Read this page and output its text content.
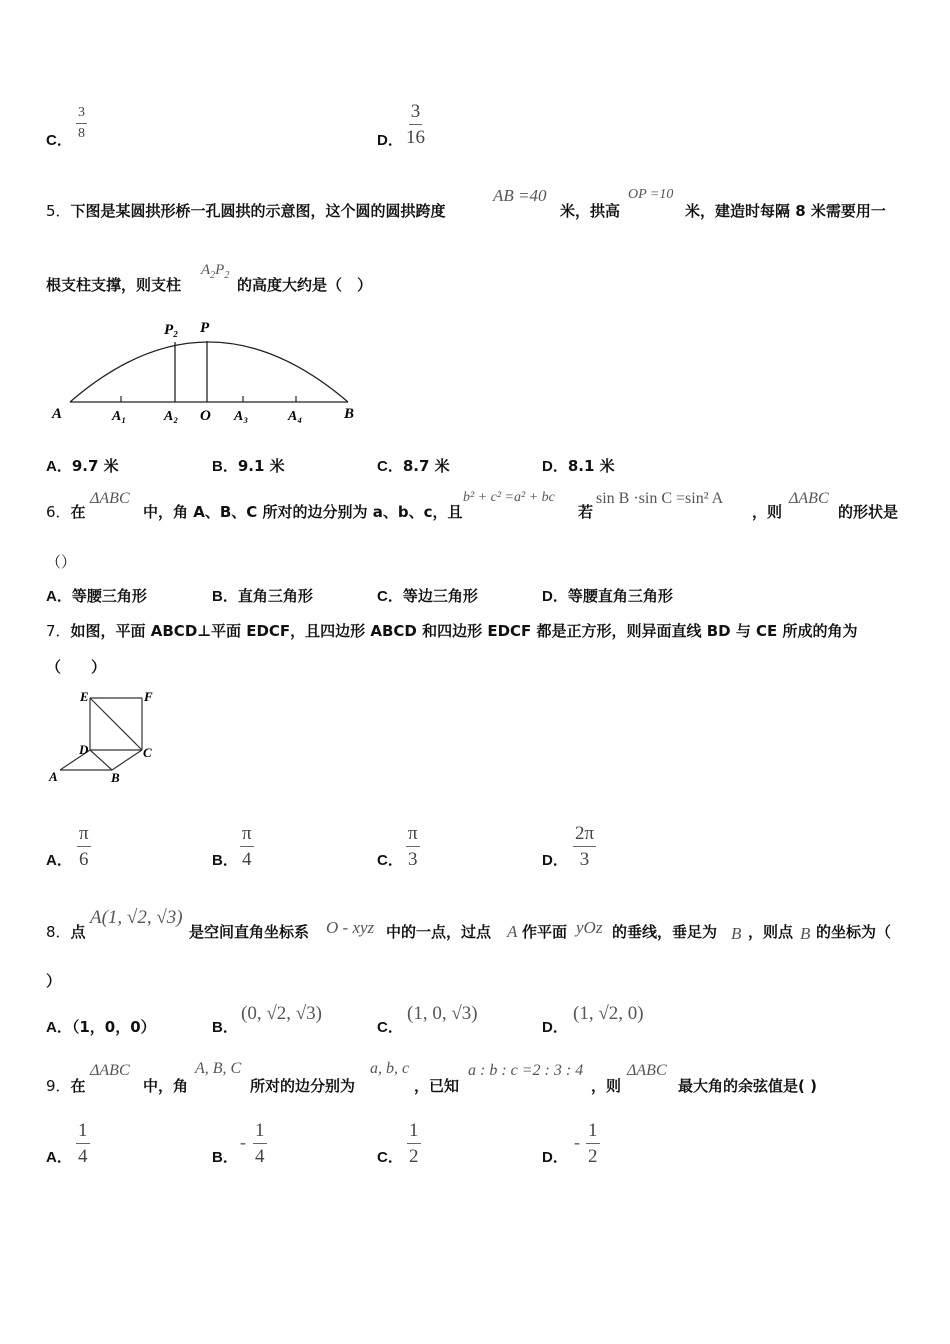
C． $\frac{3}{8}$	D． $\frac{3}{16}$
5．下图是某圆拱形桥一孔圆拱的示意图，这个圆的圆拱跨度
AB =40
米，拱高
OP =10
米，建造时每隔 8 米需要用一
根支柱支撑，则支柱
$A_2P_2$
的高度大约是（　）
A	A₁	A₂ O A₃	A₄	B
P₂ P
A．9.7 米	B．9.1 米	C．8.7 米	D．8.1 米
6．在
ΔABC
中，角 A、B、C 所对的边分别为 a、b、c，且
b² + c² =a² + bc
若
sin B ·sin C =sin² A
，则
ΔABC
的形状是
（）
A．等腰三角形	B．直角三角形	C．等边三角形	D．等腰直角三角形
7．如图，平面 ABCD⊥平面 EDCF，且四边形 ABCD 和四边形 EDCF 都是正方形，则异面直线 BD 与 CE 所成的角为
（　　）
E	F
D	C
A	B
A． $\frac{\pi}{6}$	B． $\frac{\pi}{4}$	C． $\frac{\pi}{3}$	D． $\frac{2\pi}{3}$
8．点
A(1, √2, √3)
是空间直角坐标系 O - xyz 中的一点，过点 A 作平面 yOz 的垂线，垂足为 B ，则点 B 的坐标为（
）
A．（1，0，0）	B．
(0, √2, √3)
C．
(1, 0, √3)
D．
(1, √2, 0)
9．在
ΔABC
中，角
A, B, C
所对的边分别为
a, b, c
，已知
a : b : c =2 : 3 : 4
，则
ΔABC
最大角的余弦值是( )
A． $\frac{1}{4}$	B．
- $\frac{1}{4}$	C． $\frac{1}{2}$	D．
- $\frac{1}{2}$
